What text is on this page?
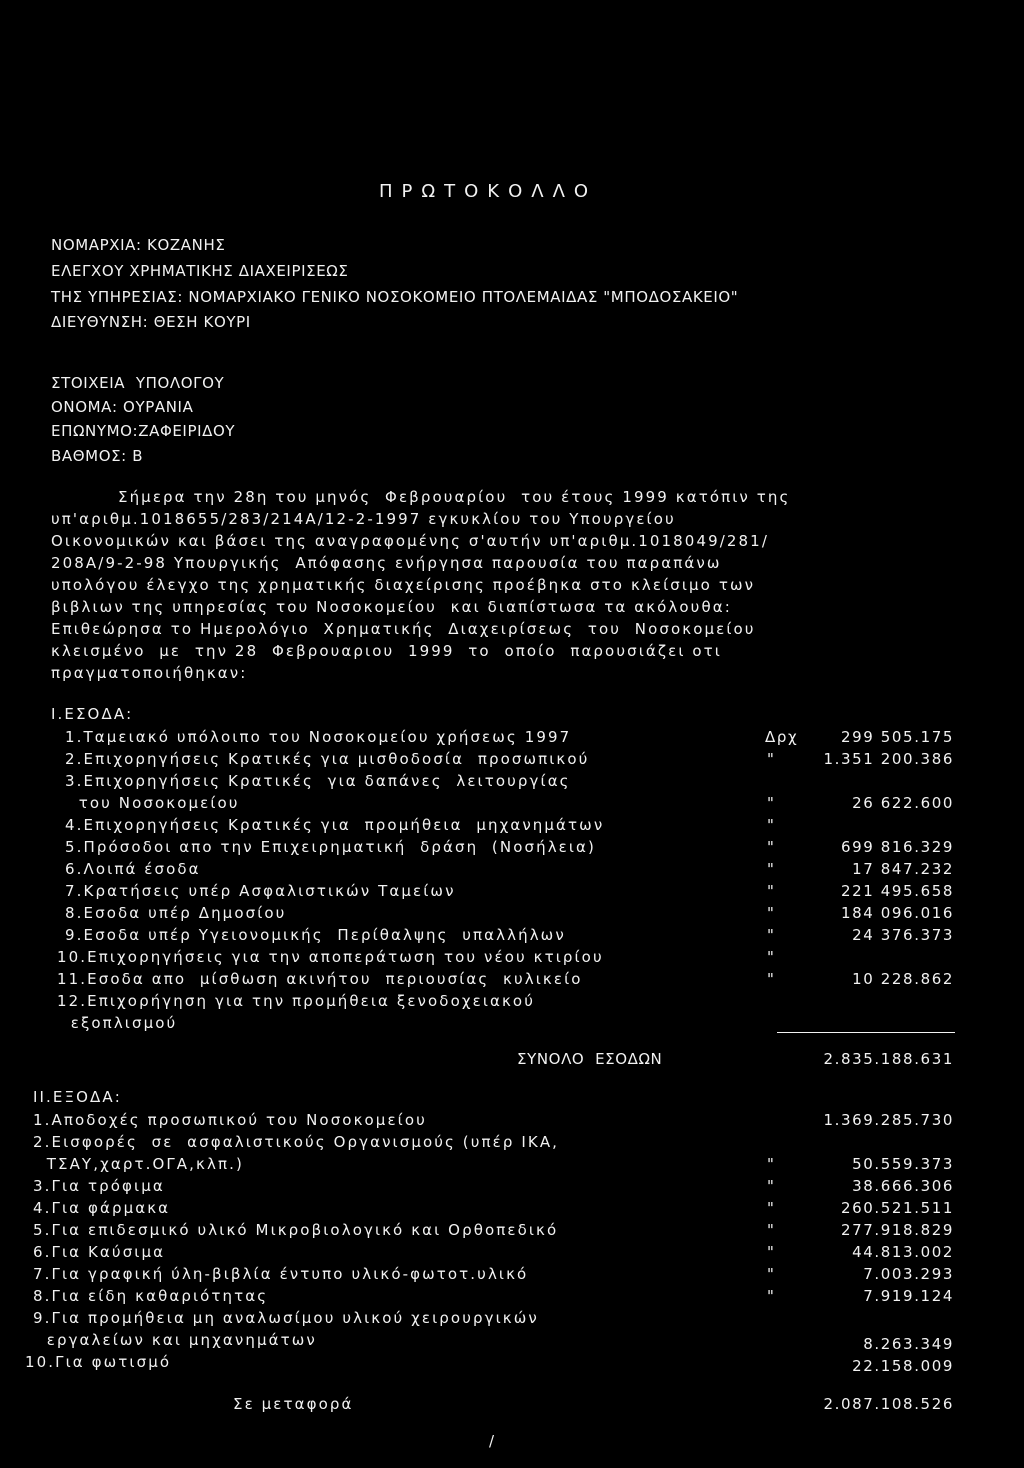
ΠΡΩΤΟΚΟΛΛΟ
ΝΟΜΑΡΧΙΑ: ΚΟΖΑΝΗΣ
ΕΛΕΓΧΟΥ ΧΡΗΜΑΤΙΚΗΣ ΔΙΑΧΕΙΡΙΣΕΩΣ
ΤΗΣ ΥΠΗΡΕΣΙΑΣ: ΝΟΜΑΡΧΙΑΚΟ ΓΕΝΙΚΟ ΝΟΣΟΚΟΜΕΙΟ ΠΤΟΛΕΜΑΙΔΑΣ "ΜΠΟΔΟΣΑΚΕΙΟ"
ΔΙΕΥΘΥΝΣΗ: ΘΕΣΗ ΚΟΥΡΙ
ΣΤΟΙΧΕΙΑ  ΥΠΟΛΟΓΟΥ
ΟΝΟΜΑ: ΟΥΡΑΝΙΑ
ΕΠΩΝΥΜΟ:ΖΑΦΕΙΡΙΔΟΥ
ΒΑΘΜΟΣ: Β
Σήμερα την 28η του μηνός  Φεβρουαρίου  του έτους 1999 κατόπιν της
υπ'αριθμ.1018655/283/214Α/12-2-1997 εγκυκλίου του Υπουργείου
Οικονομικών και βάσει της αναγραφομένης σ'αυτήν υπ'αριθμ.1018049/281/
208Α/9-2-98 Υπουργικής  Απόφασης ενήργησα παρουσία του παραπάνω
υπολόγου έλεγχο της χρηματικής διαχείρισης προέβηκα στο κλείσιμο των
βιβλιων της υπηρεσίας του Νοσοκομείου  και διαπίστωσα τα ακόλουθα:
Επιθεώρησα το Ημερολόγιο  Χρηματικής  Διαχειρίσεως  του  Νοσοκομείου
κλεισμένο  με  την 28  Φεβρουαριου  1999  το  οποίο  παρουσιάζει οτι
πραγματοποιήθηκαν:
Ι.ΕΣΟΔΑ:
1.Ταμειακό υπόλοιπο του Νοσοκομείου χρήσεως 1997	Δρχ	299 505.175
2.Επιχορηγήσεις Κρατικές για μισθοδοσία  προσωπικού	"	1.351 200.386
3.Επιχορηγήσεις Κρατικές  για δαπάνες  λειτουργίας
του Νοσοκομείου	"	26 622.600
4.Επιχορηγήσεις Κρατικές για  προμήθεια  μηχανημάτων	"
5.Πρόσοδοι απο την Επιχειρηματική  δράση  (Νοσήλεια)	"	699 816.329
6.Λοιπά έσοδα	"	17 847.232
7.Κρατήσεις υπέρ Ασφαλιστικών Ταμείων	"	221 495.658
8.Εσοδα υπέρ Δημοσίου	"	184 096.016
9.Εσοδα υπέρ Υγειονομικής  Περίθαλψης  υπαλλήλων	"	24 376.373
10.Επιχορηγήσεις για την αποπεράτωση του νέου κτιρίου	"
11.Εσοδα απο  μίσθωση ακινήτου  περιουσίας  κυλικείο	"	10 228.862
12.Επιχορήγηση για την προμήθεια ξενοδοχειακού
εξοπλισμού
ΣΥΝΟΛΟ  ΕΣΟΔΩΝ	2.835.188.631
ΙΙ.ΕΞΟΔΑ:
1.Αποδοχές προσωπικού του Νοσοκομείου	1.369.285.730
2.Εισφορές  σε  ασφαλιστικούς Οργανισμούς (υπέρ ΙΚΑ,
ΤΣΑΥ,χαρτ.ΟΓΑ,κλπ.)	"	50.559.373
3.Για τρόφιμα	"	38.666.306
4.Για φάρμακα	"	260.521.511
5.Για επιδεσμικό υλικό Μικροβιολογικό και Ορθοπεδικό	"	277.918.829
6.Για Καύσιμα	"	44.813.002
7.Για γραφική ύλη-βιβλία έντυπο υλικό-φωτοτ.υλικό	"	7.003.293
8.Για είδη καθαριότητας	"	7.919.124
9.Για προμήθεια μη αναλωσίμου υλικού χειρουργικών
εργαλείων και μηχανημάτων	8.263.349
10.Για φωτισμό	22.158.009
Σε μεταφορά	2.087.108.526
/
